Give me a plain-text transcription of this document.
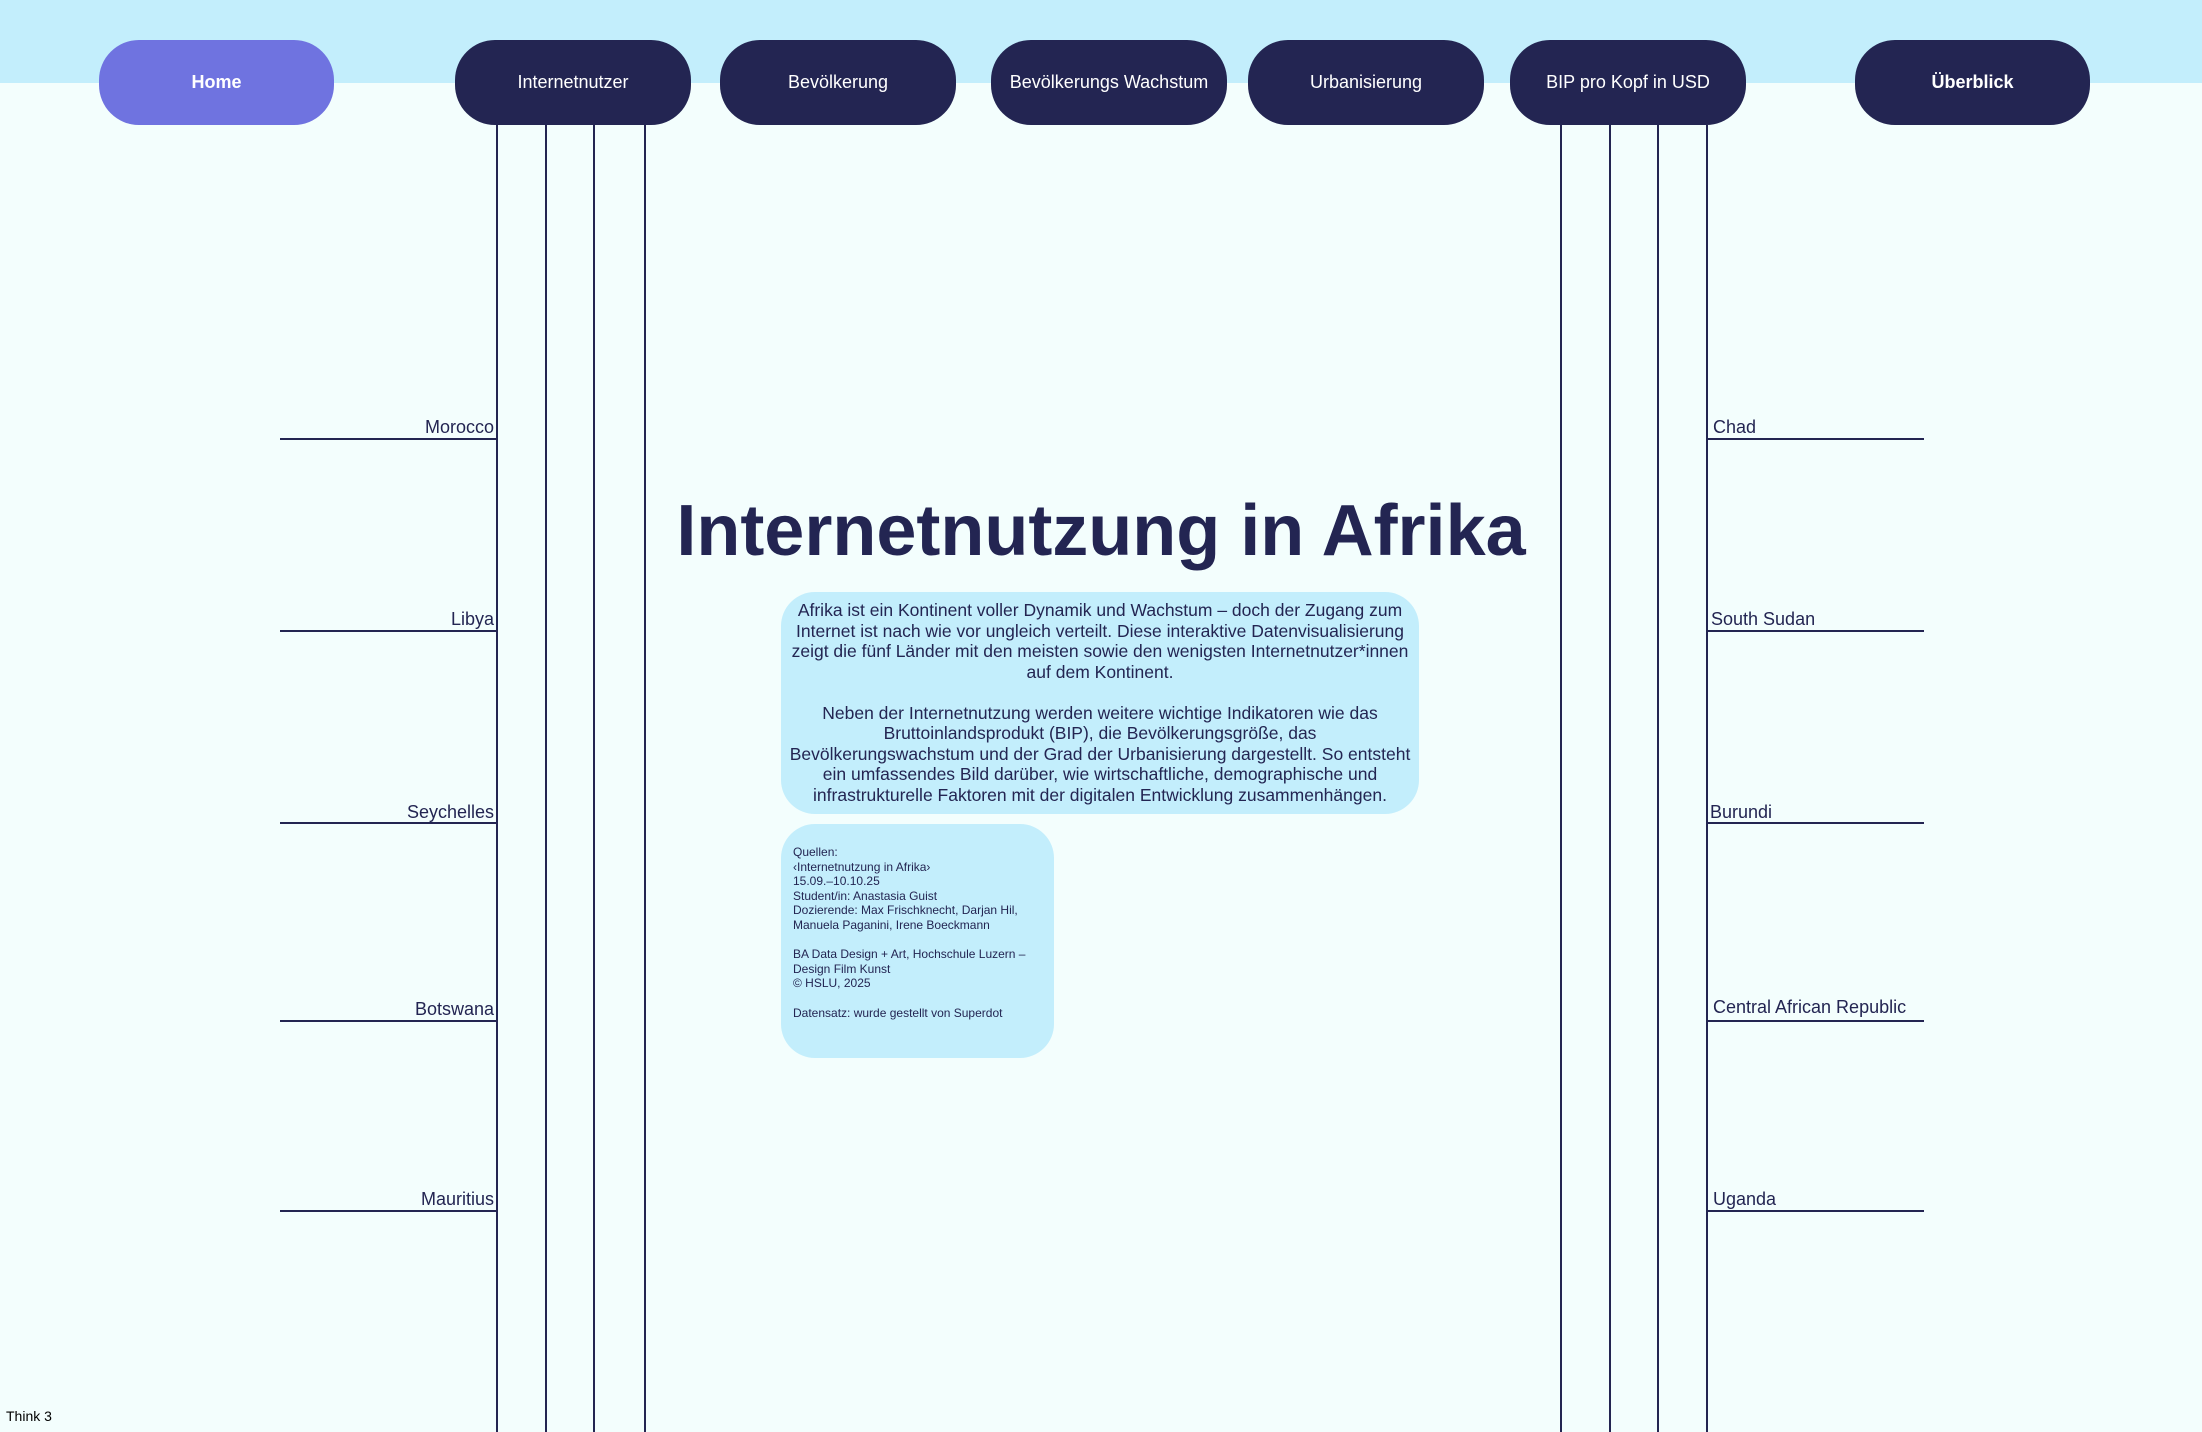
Home	Internetnutzer	Bevölkerung	Bevölkerungs Wachstum	Urbanisierung	BIP pro Kopf in USD	Überblick
Morocco
Libya
Seychelles
Botswana
Mauritius
Chad
South Sudan
Burundi
Central African Republic
Uganda
Internetnutzung in Afrika

Afrika ist ein Kontinent voller Dynamik und Wachstum – doch der Zugang zum Internet ist nach wie vor ungleich verteilt. Diese interaktive Datenvisualisierung zeigt die fünf Länder mit den meisten sowie den wenigsten Internetnutzer*innen auf dem Kontinent.

Neben der Internetnutzung werden weitere wichtige Indikatoren wie das Bruttoinlandsprodukt (BIP), die Bevölkerungsgröße, das Bevölkerungswachstum und der Grad der Urbanisierung dargestellt. So entsteht ein umfassendes Bild darüber, wie wirtschaftliche, demographische und infrastrukturelle Faktoren mit der digitalen Entwicklung zusammenhängen.

Quellen:
‹Internetnutzung in Afrika›
15.09.–10.10.25
Student/in: Anastasia Guist
Dozierende: Max Frischknecht, Darjan Hil,
Manuela Paganini, Irene Boeckmann
BA Data Design + Art, Hochschule Luzern –
Design Film Kunst
© HSLU, 2025
Datensatz: wurde gestellt von Superdot
Think 3
